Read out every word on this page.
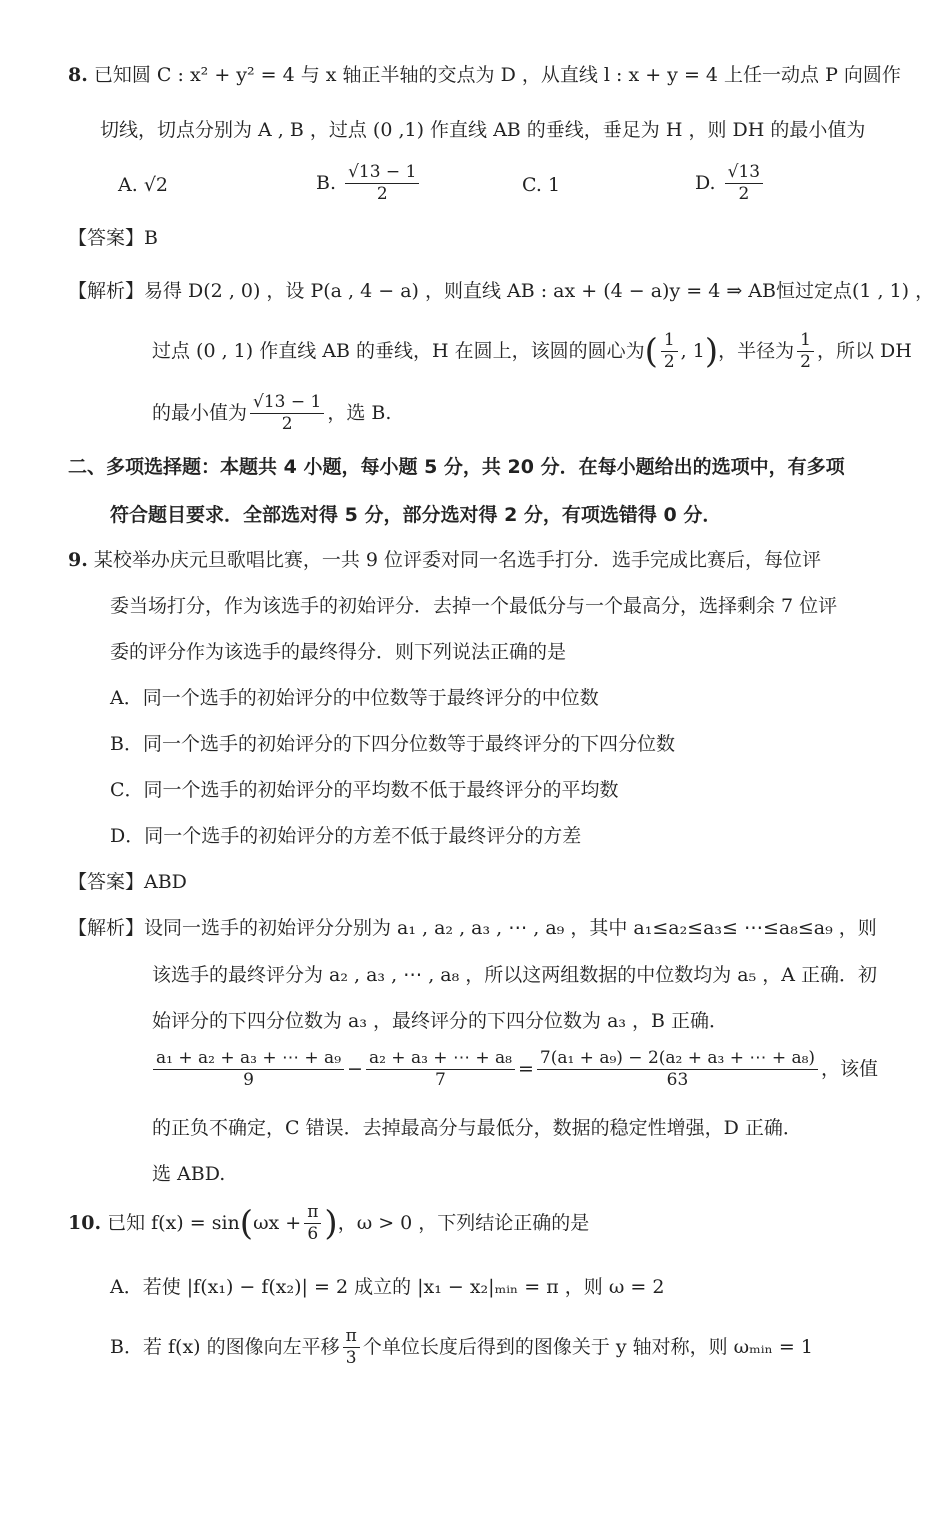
8. 已知圆 C : x² + y² = 4 与 x 轴正半轴的交点为 D ，从直线 l : x + y = 4 上任一动点 P 向圆作
切线，切点分别为 A , B ，过点 (0 ,1) 作直线 AB 的垂线，垂足为 H ，则 DH 的最小值为
A. √2	B. $\frac{√13 - 1}{2}$	C. 1	D. $\frac{√13}{2}$
【答案】B
【解析】易得 D(2 , 0) ，设 P(a , 4 − a) ，则直线 AB : ax + (4 − a)y = 4 ⇒ AB恒过定点(1 , 1) ，
过点 (0 , 1) 作直线 AB 的垂线，H 在圆上，该圆的圆心为( $\frac{1}{2}$ , 1)，半径为 $\frac{1}{2}$ ，所以 DH
的最小值为 $\frac{√13 - 1}{2}$ ，选 B.
二、多项选择题：本题共 4 小题，每小题 5 分，共 20 分．在每小题给出的选项中，有多项
符合题目要求．全部选对得 5 分，部分选对得 2 分，有项选错得 0 分．
9. 某校举办庆元旦歌唱比赛，一共 9 位评委对同一名选手打分．选手完成比赛后，每位评
委当场打分，作为该选手的初始评分．去掉一个最低分与一个最高分，选择剩余 7 位评
委的评分作为该选手的最终得分．则下列说法正确的是
A．同一个选手的初始评分的中位数等于最终评分的中位数
B．同一个选手的初始评分的下四分位数等于最终评分的下四分位数
C．同一个选手的初始评分的平均数不低于最终评分的平均数
D．同一个选手的初始评分的方差不低于最终评分的方差
【答案】ABD
【解析】设同一选手的初始评分分别为 a₁ , a₂ , a₃ , ⋯ , a₉ ，其中 a₁≤a₂≤a₃≤ ⋯≤a₈≤a₉ ，则
该选手的最终评分为 a₂ , a₃ , ⋯ , a₈ ，所以这两组数据的中位数均为 a₅ ，A 正确．初
始评分的下四分位数为 a₃ ，最终评分的下四分位数为 a₃ ，B 正确．
$\frac{\text{a₁ + a₂ + a₃ + ⋯ + a₉}}{9} - \frac{\text{a₂ + a₃ + ⋯ + a₈}}{7} = \frac{\text{7(a₁ + a₉) − 2(a₂ + a₃ + ⋯ + a₈)}}{63}$ ，该值
的正负不确定，C 错误．去掉最高分与最低分，数据的稳定性增强，D 正确．
选 ABD.
10. 已知 $f(x) = \sin(\omega x + \frac{\pi}{6}$ )，ω > 0 ，下列结论正确的是
A．若使 |f(x₁) − f(x₂)| = 2 成立的 |x₁ − x₂|ₘᵢₙ = π ，则 ω = 2
B．若 f(x) 的图像向左平移 $\frac{\pi}{3}$ 个单位长度后得到的图像关于 y 轴对称，则 ωₘᵢₙ = 1
